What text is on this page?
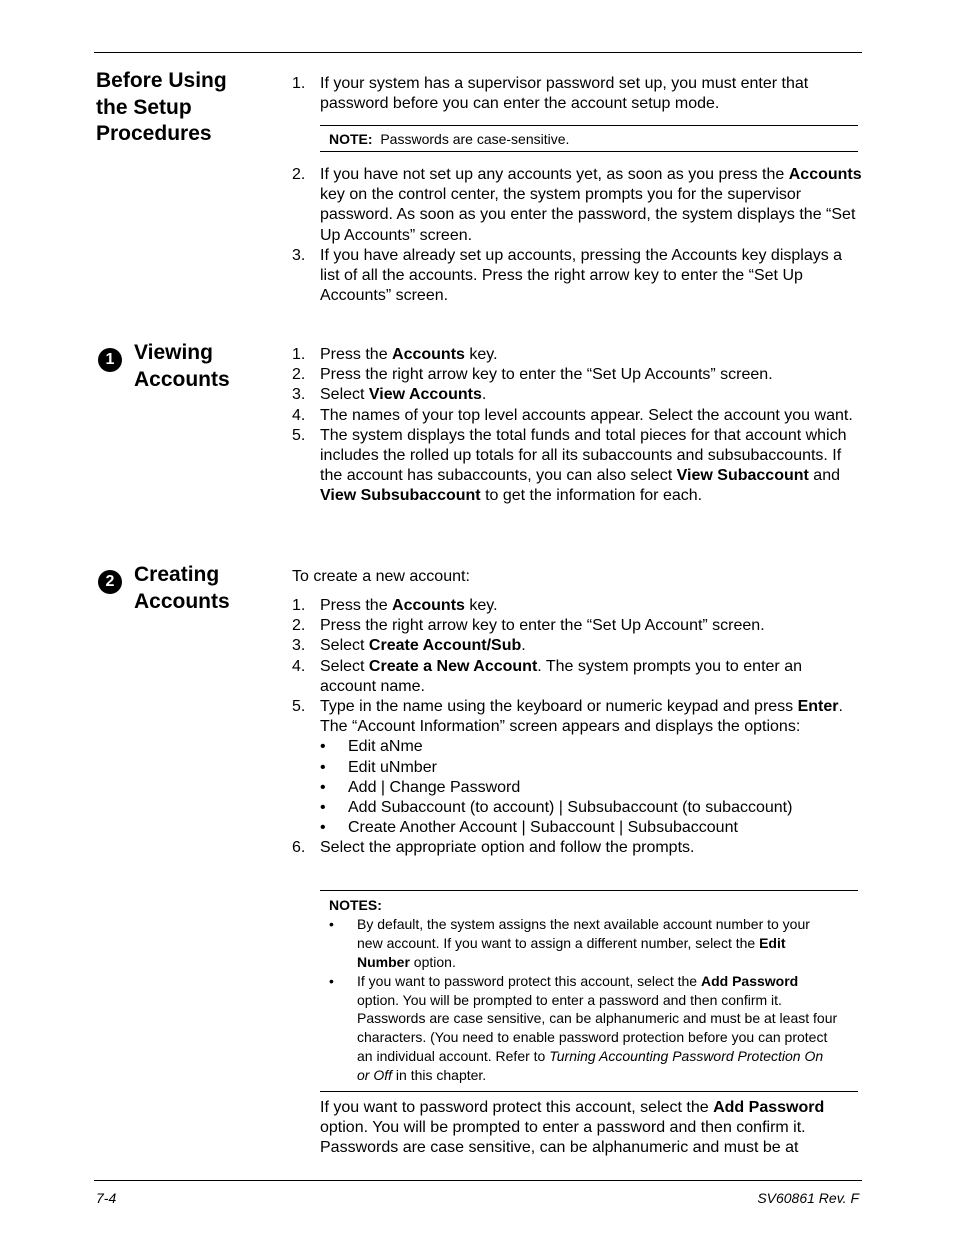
Before Using
the Setup
Procedures
1. If your system has a supervisor password set up, you must enter that password before you can enter the account setup mode.
NOTE: Passwords are case-sensitive.
2. If you have not set up any accounts yet, as soon as you press the Accounts key on the control center, the system prompts you for the supervisor password. As soon as you enter the password, the system displays the “Set Up Accounts” screen.
3. If you have already set up accounts, pressing the Accounts key displays a list of all the accounts. Press the right arrow key to enter the “Set Up Accounts” screen.
1 Viewing
Accounts
1. Press the Accounts key.
2. Press the right arrow key to enter the “Set Up Accounts” screen.
3. Select View Accounts.
4. The names of your top level accounts appear. Select the account you want.
5. The system displays the total funds and total pieces for that account which includes the rolled up totals for all its subaccounts and subsubaccounts. If the account has subaccounts, you can also select View Subaccount and View Subsubaccount to get the information for each.
2 Creating
Accounts
To create a new account:
1. Press the Accounts key.
2. Press the right arrow key to enter the “Set Up Account” screen.
3. Select Create Account/Sub.
4. Select Create a New Account. The system prompts you to enter an account name.
5. Type in the name using the keyboard or numeric keypad and press Enter. The “Account Information” screen appears and displays the options:
• Edit aNme
• Edit uNmber
• Add | Change Password
• Add Subaccount (to account) | Subsubaccount (to subaccount)
• Create Another Account | Subaccount | Subsubaccount
6. Select the appropriate option and follow the prompts.
NOTES:
• By default, the system assigns the next available account number to your new account. If you want to assign a different number, select the Edit Number option.
• If you want to password protect this account, select the Add Password option. You will be prompted to enter a password and then confirm it. Passwords are case sensitive, can be alphanumeric and must be at least four characters. (You need to enable password protection before you can protect an individual account. Refer to Turning Accounting Password Protection On or Off in this chapter.
If you want to password protect this account, select the Add Password option. You will be prompted to enter a password and then confirm it. Passwords are case sensitive, can be alphanumeric and must be at
7-4	SV60861 Rev. F
